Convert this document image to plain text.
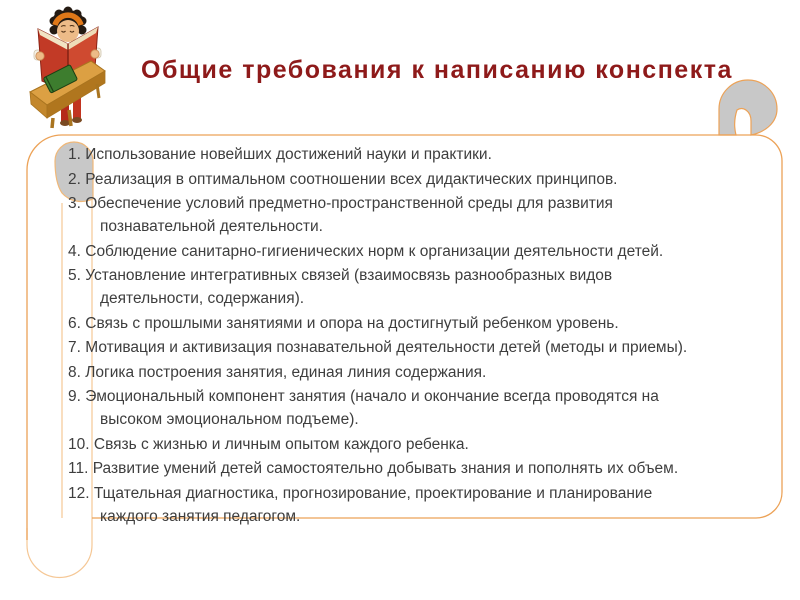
Общие требования к написанию конспекта
1. Использование новейших достижений науки и практики.
2. Реализация в оптимальном соотношении всех дидактических принципов.
3. Обеспечение условий предметно-пространственной среды для развития
познавательной деятельности.
4. Соблюдение санитарно-гигиенических норм к организации деятельности детей.
5. Установление интегративных связей (взаимосвязь разнообразных видов
деятельности, содержания).
6. Связь с прошлыми занятиями и опора на достигнутый ребенком уровень.
7. Мотивация и активизация познавательной деятельности детей (методы и приемы).
8. Логика построения занятия, единая линия содержания.
9. Эмоциональный компонент занятия (начало и окончание всегда проводятся на
высоком эмоциональном подъеме).
10. Связь с жизнью и личным опытом каждого ребенка.
11. Развитие умений детей самостоятельно добывать знания и пополнять их объем.
12. Тщательная диагностика, прогнозирование, проектирование и планирование
каждого занятия педагогом.
